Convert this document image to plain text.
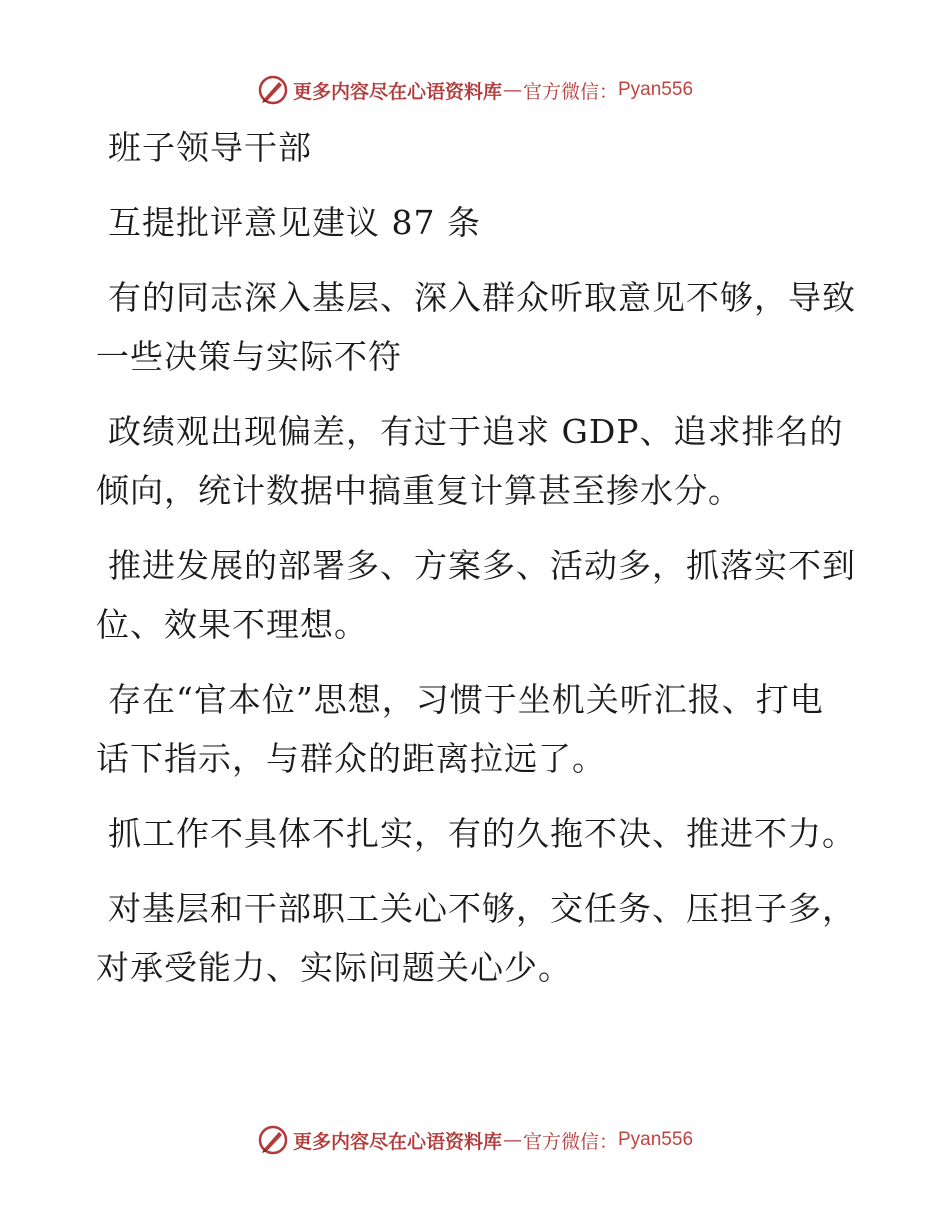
更多内容尽在心语资料库 — 官方微信： Pyan556

班子领导干部

互提批评意见建议 87 条

有的同志深入基层、深入群众听取意见不够，导致一些决策与实际不符

政绩观出现偏差，有过于追求 GDP、追求排名的倾向，统计数据中搞重复计算甚至掺水分。

推进发展的部署多、方案多、活动多，抓落实不到位、效果不理想。

存在“官本位”思想，习惯于坐机关听汇报、打电话下指示，与群众的距离拉远了。

抓工作不具体不扎实，有的久拖不决、推进不力。

对基层和干部职工关心不够，交任务、压担子多，对承受能力、实际问题关心少。

更多内容尽在心语资料库 — 官方微信： Pyan556
